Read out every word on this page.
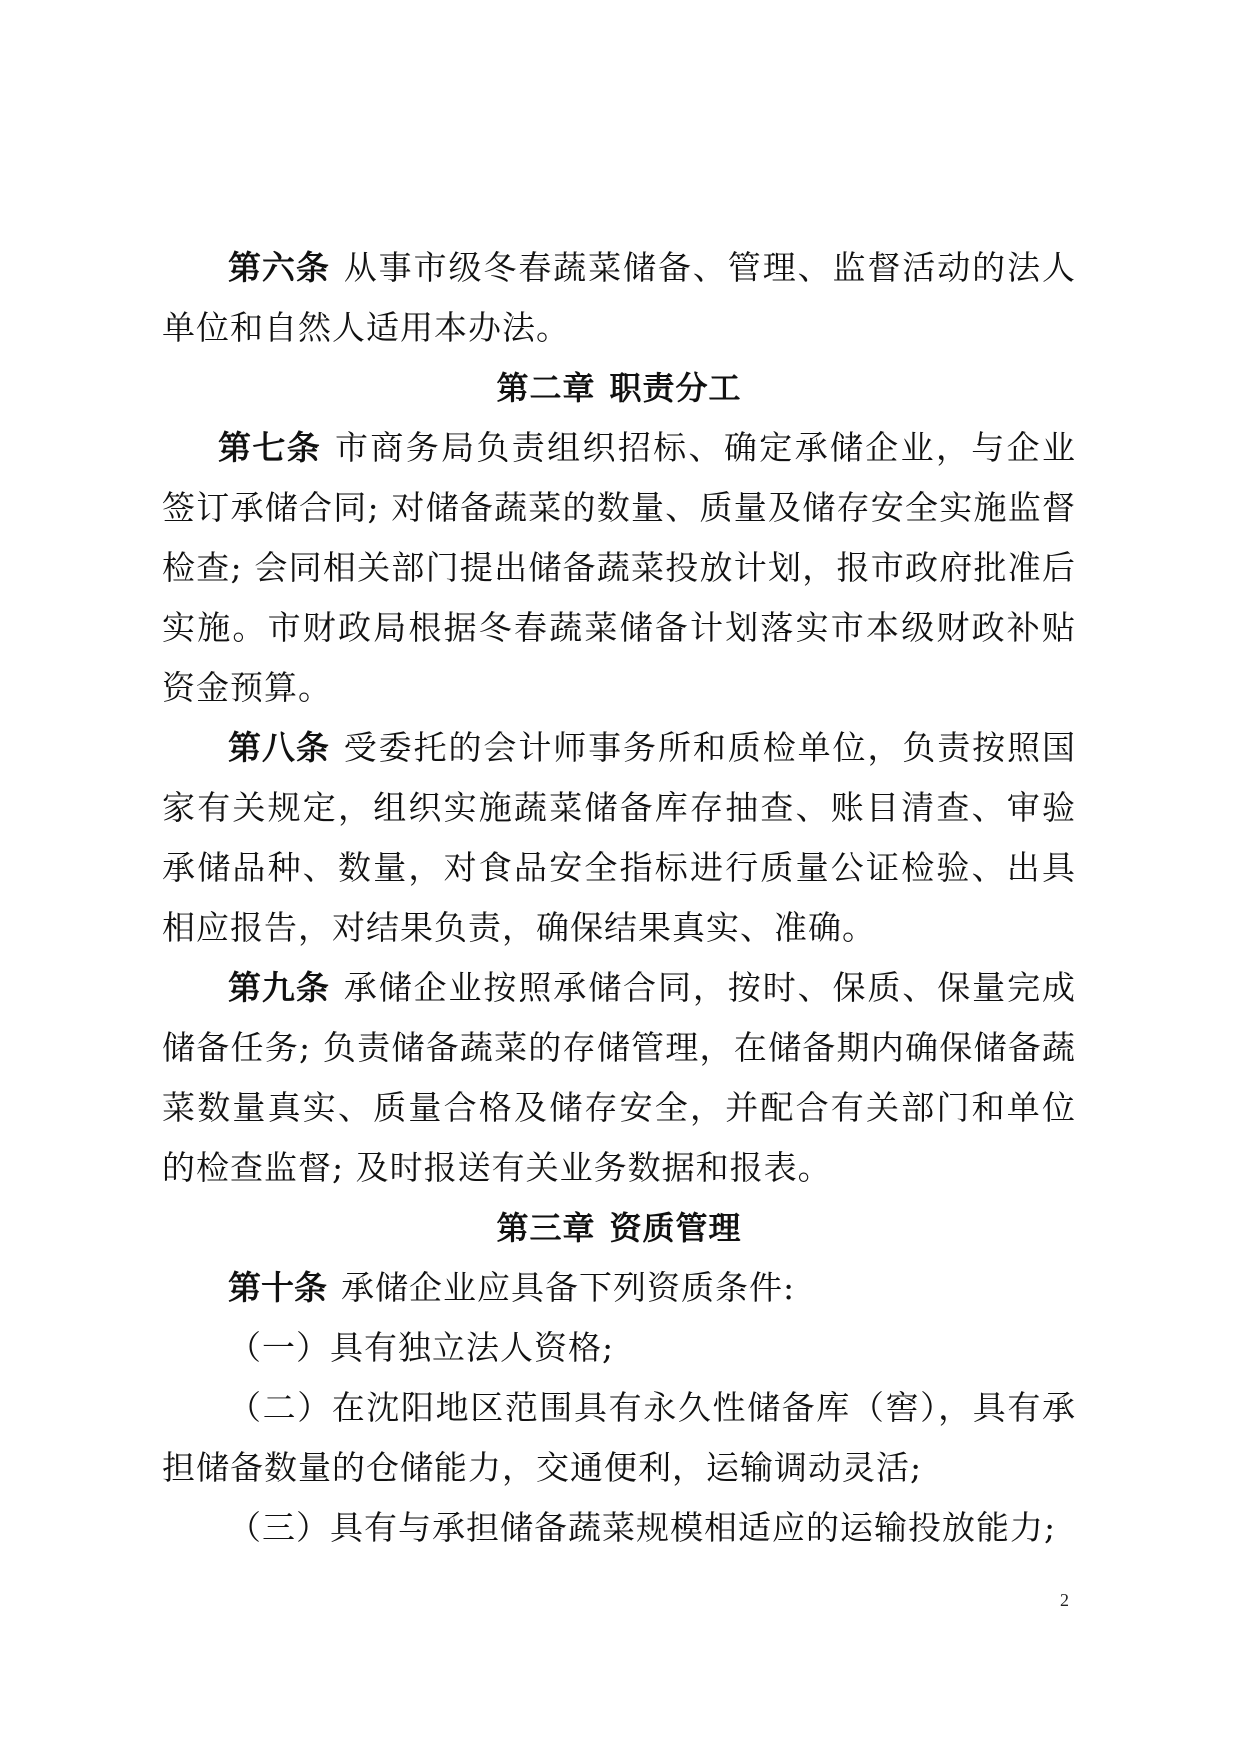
第六条 从事市级冬春蔬菜储备、管理、监督活动的法人单位和自然人适用本办法。

第二章 职责分工

第七条 市商务局负责组织招标、确定承储企业，与企业签订承储合同; 对储备蔬菜的数量、质量及储存安全实施监督检查; 会同相关部门提出储备蔬菜投放计划，报市政府批准后实施。市财政局根据冬春蔬菜储备计划落实市本级财政补贴资金预算。

第八条 受委托的会计师事务所和质检单位，负责按照国家有关规定，组织实施蔬菜储备库存抽查、账目清查、审验承储品种、数量，对食品安全指标进行质量公证检验、出具相应报告，对结果负责，确保结果真实、准确。

第九条 承储企业按照承储合同，按时、保质、保量完成储备任务; 负责储备蔬菜的存储管理，在储备期内确保储备蔬菜数量真实、质量合格及储存安全，并配合有关部门和单位的检查监督; 及时报送有关业务数据和报表。

第三章 资质管理

第十条 承储企业应具备下列资质条件:

（一）具有独立法人资格;

（二）在沈阳地区范围具有永久性储备库（窖），具有承担储备数量的仓储能力，交通便利，运输调动灵活;

（三）具有与承担储备蔬菜规模相适应的运输投放能力;

2
